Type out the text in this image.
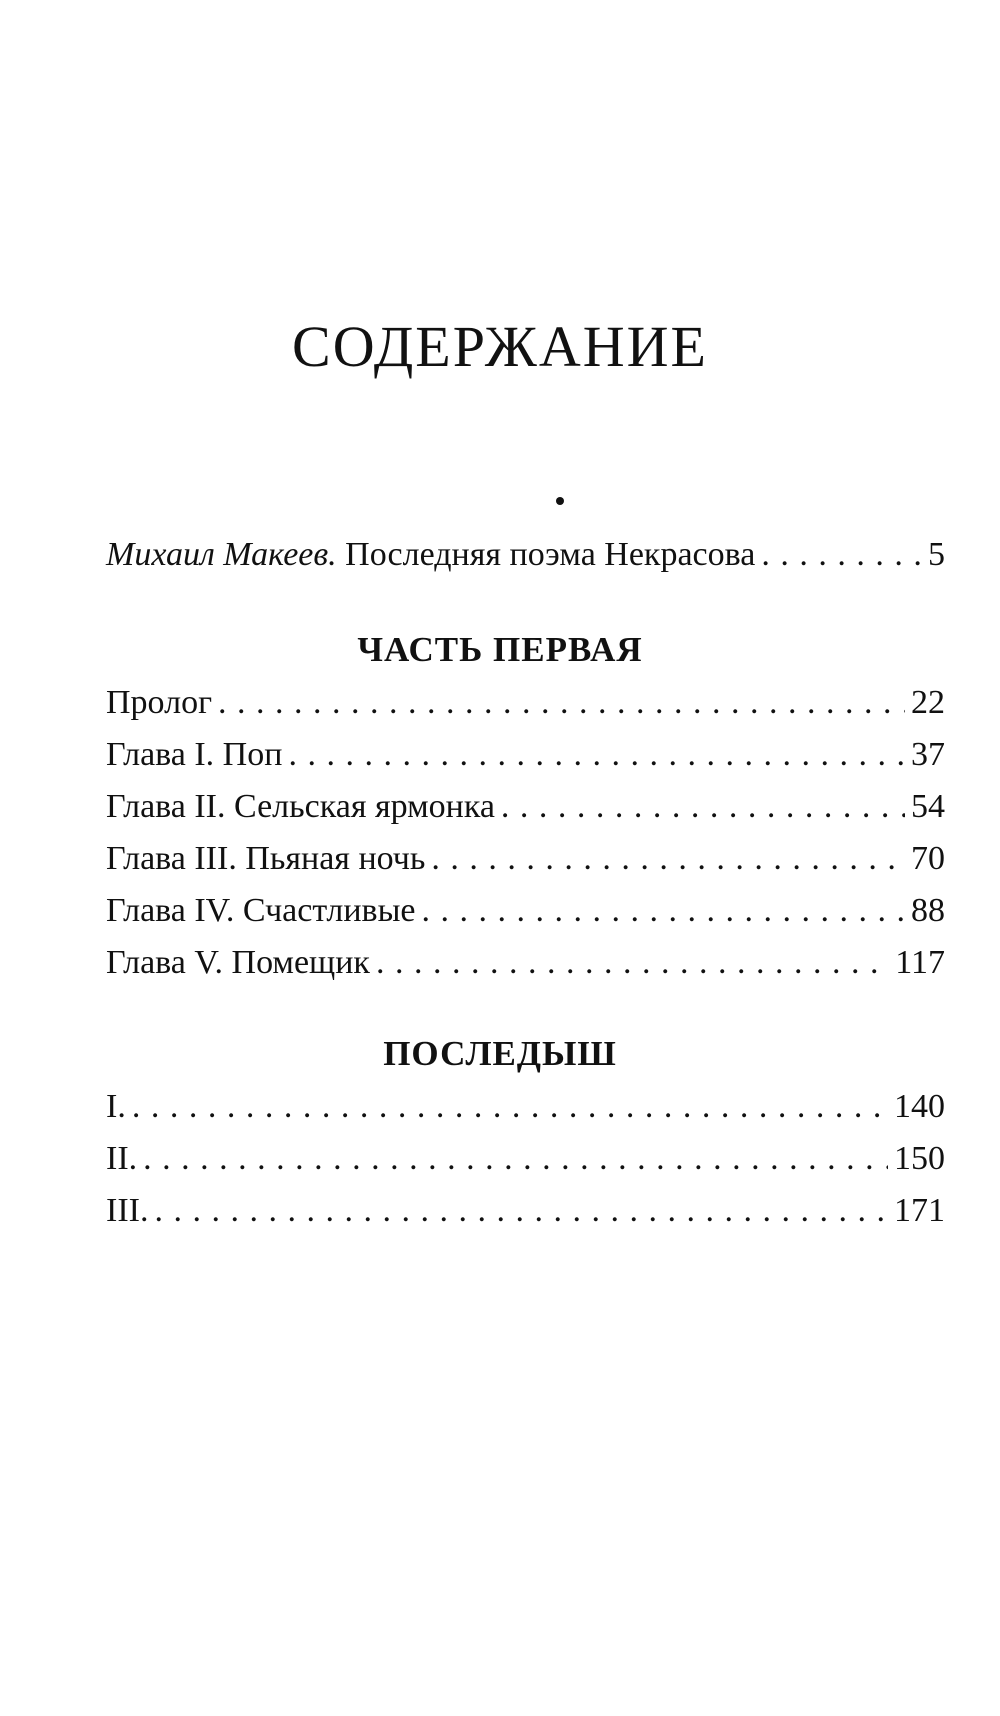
СОДЕРЖАНИЕ
Михаил Макеев. Последняя поэма Некрасова . . .	5
ЧАСТЬ ПЕРВАЯ
Пролог . . .	22
Глава I. Поп . . .	37
Глава II. Сельская ярмонка . . .	54
Глава III. Пьяная ночь . . .	70
Глава IV. Счастливые . . .	88
Глава V. Помещик . . .	117
ПОСЛЕДЫШ
I. . . .	140
II. . . .	150
III. . . .	171
